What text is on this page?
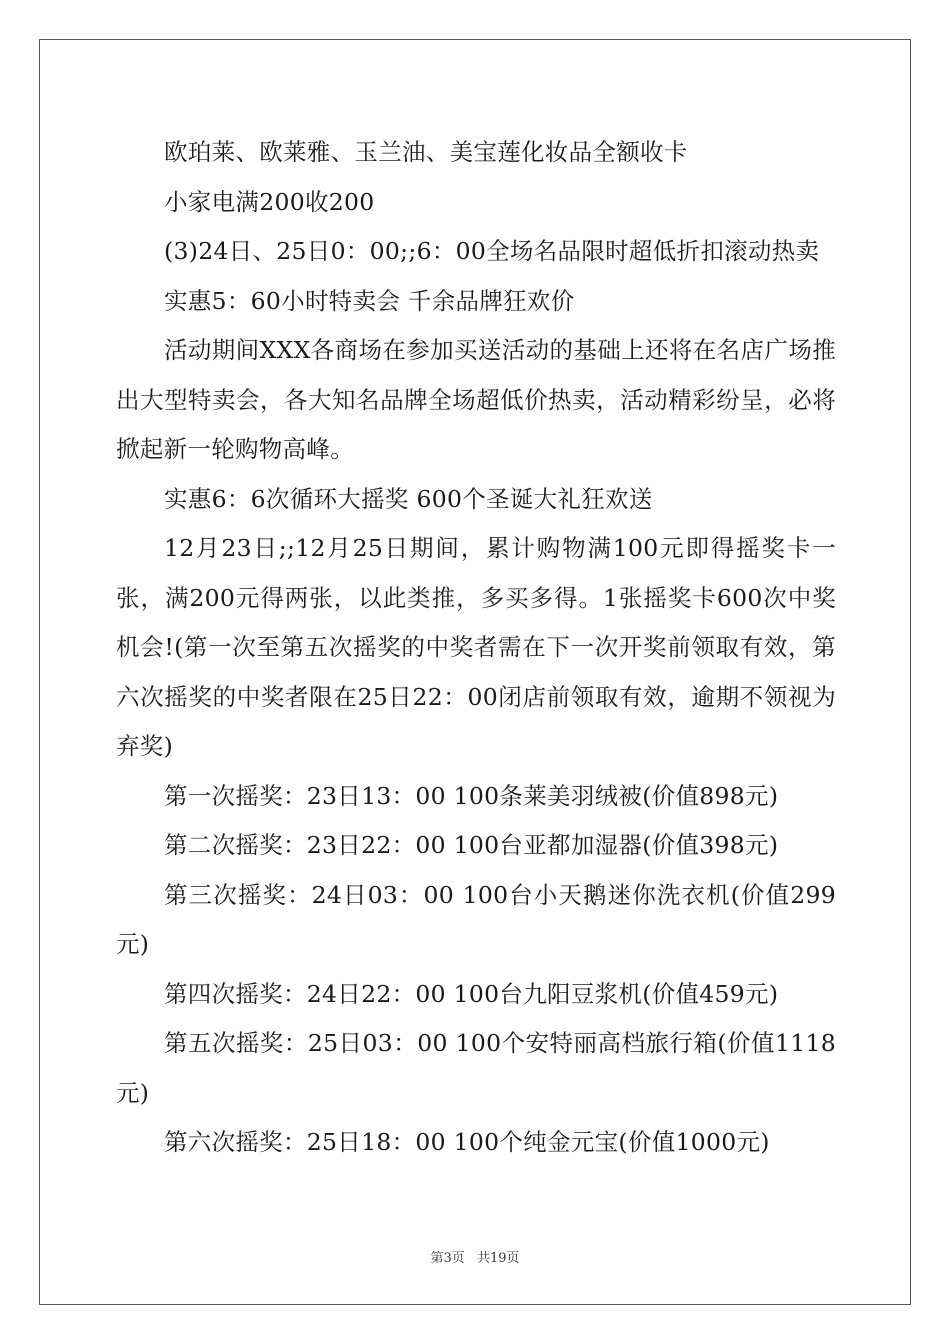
欧珀莱、欧莱雅、玉兰油、美宝莲化妆品全额收卡

小家电满200收200

(3)24日、25日0：00;;6：00全场名品限时超低折扣滚动热卖

实惠5：60小时特卖会 千余品牌狂欢价

活动期间XXX各商场在参加买送活动的基础上还将在名店广场推出大型特卖会，各大知名品牌全场超低价热卖，活动精彩纷呈，必将掀起新一轮购物高峰。

实惠6：6次循环大摇奖 600个圣诞大礼狂欢送

12月23日;;12月25日期间，累计购物满100元即得摇奖卡一张，满200元得两张，以此类推，多买多得。1张摇奖卡600次中奖机会!(第一次至第五次摇奖的中奖者需在下一次开奖前领取有效，第六次摇奖的中奖者限在25日22：00闭店前领取有效，逾期不领视为弃奖)

第一次摇奖：23日13：00 100条莱美羽绒被(价值898元)

第二次摇奖：23日22：00 100台亚都加湿器(价值398元)

第三次摇奖：24日03：00 100台小天鹅迷你洗衣机(价值299元)

第四次摇奖：24日22：00 100台九阳豆浆机(价值459元)

第五次摇奖：25日03：00 100个安特丽高档旅行箱(价值1118元)

第六次摇奖：25日18：00 100个纯金元宝(价值1000元)

第3页 共19页
